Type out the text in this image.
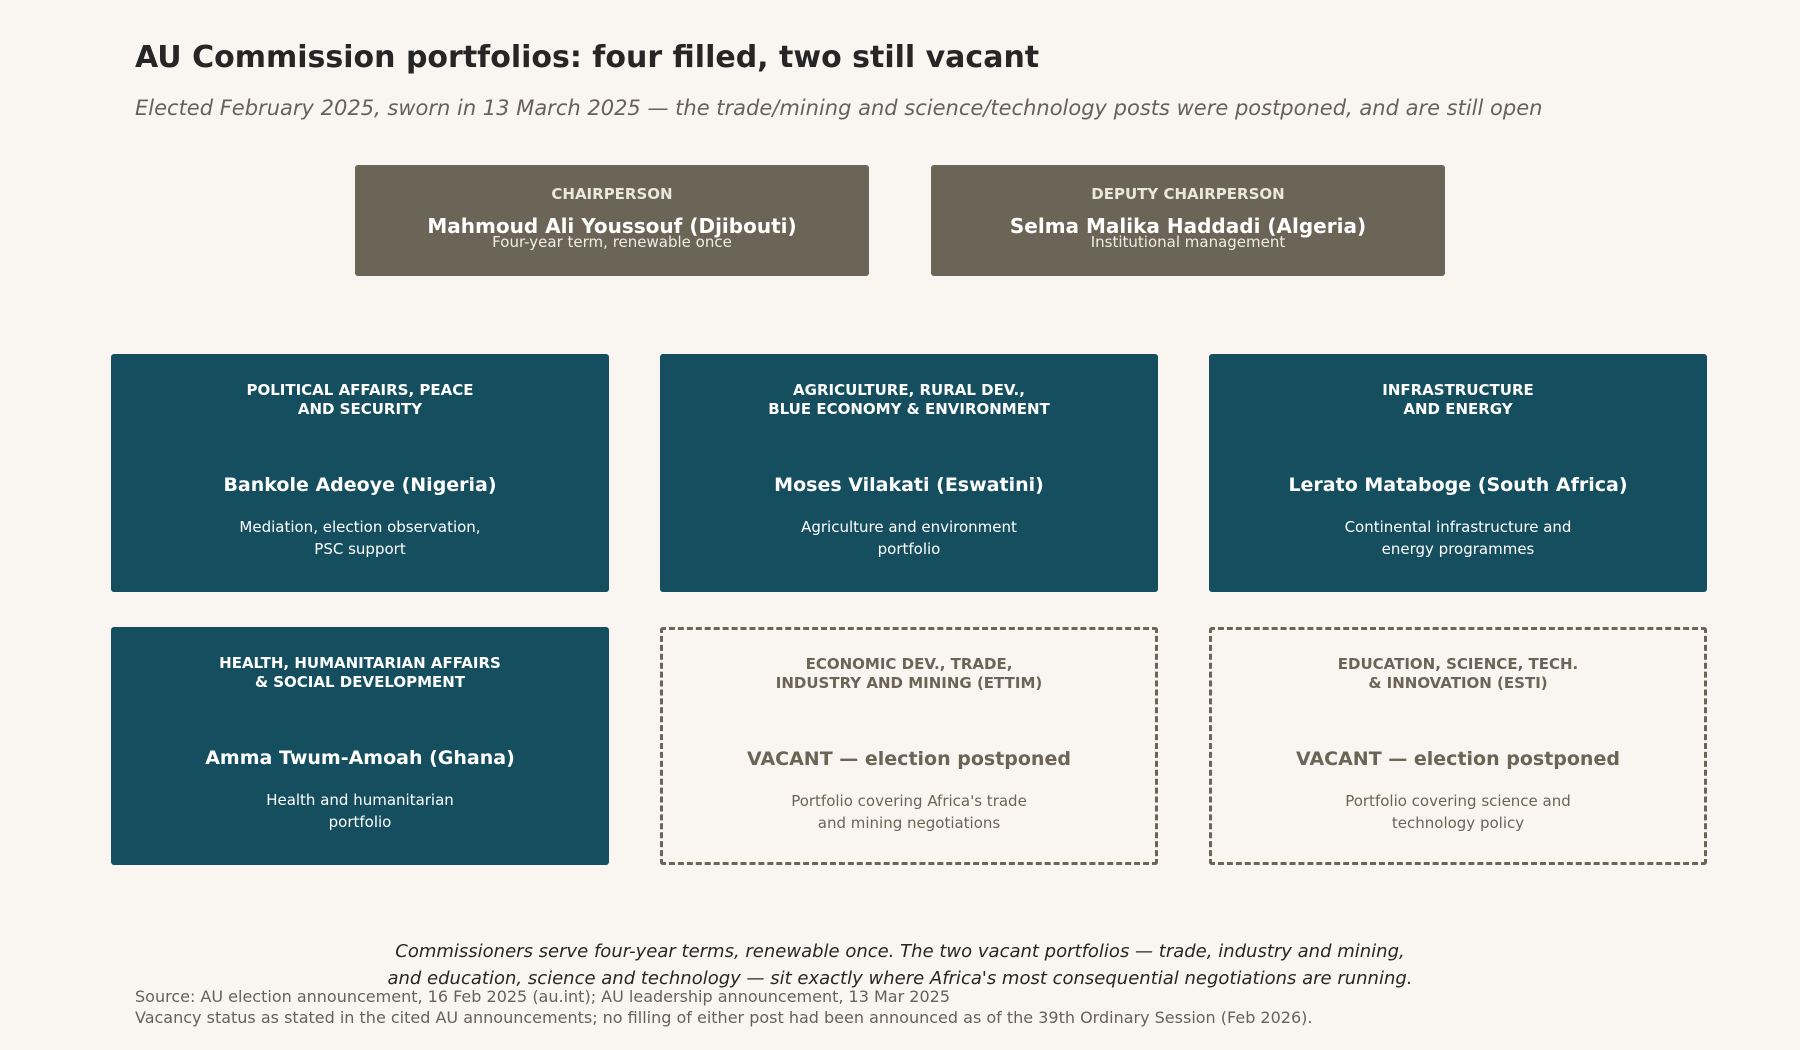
AU Commission portfolios: four filled, two still vacant
Elected February 2025, sworn in 13 March 2025 — the trade/mining and science/technology posts were postponed, and are still open
CHAIRPERSON
Mahmoud Ali Youssouf (Djibouti)
Four-year term, renewable once
DEPUTY CHAIRPERSON
Selma Malika Haddadi (Algeria)
Institutional management
POLITICAL AFFAIRS, PEACE
AND SECURITY
Bankole Adeoye (Nigeria)
Mediation, election observation,
PSC support
AGRICULTURE, RURAL DEV.,
BLUE ECONOMY & ENVIRONMENT
Moses Vilakati (Eswatini)
Agriculture and environment
portfolio
INFRASTRUCTURE
AND ENERGY
Lerato Mataboge (South Africa)
Continental infrastructure and
energy programmes
HEALTH, HUMANITARIAN AFFAIRS
& SOCIAL DEVELOPMENT
Amma Twum-Amoah (Ghana)
Health and humanitarian
portfolio
ECONOMIC DEV., TRADE,
INDUSTRY AND MINING (ETTIM)
VACANT — election postponed
Portfolio covering Africa's trade
and mining negotiations
EDUCATION, SCIENCE, TECH.
& INNOVATION (ESTI)
VACANT — election postponed
Portfolio covering science and
technology policy
Commissioners serve four-year terms, renewable once. The two vacant portfolios — trade, industry and mining,
and education, science and technology — sit exactly where Africa's most consequential negotiations are running.
Source: AU election announcement, 16 Feb 2025 (au.int); AU leadership announcement, 13 Mar 2025
Vacancy status as stated in the cited AU announcements; no filling of either post had been announced as of the 39th Ordinary Session (Feb 2026).
